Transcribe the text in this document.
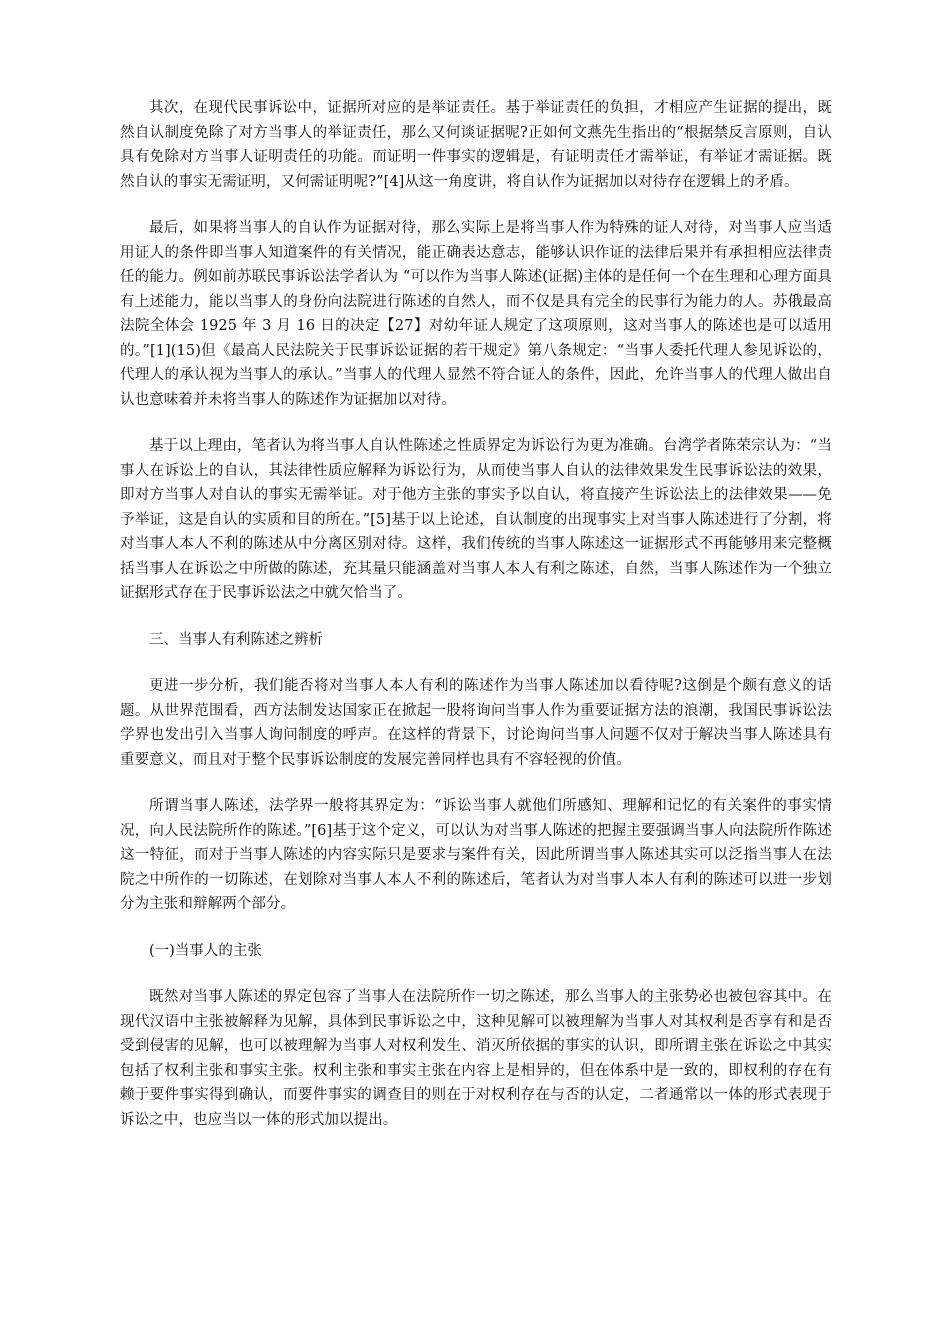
其次，在现代民事诉讼中，证据所对应的是举证责任。基于举证责任的负担，才相应产生证据的提出，既然自认制度免除了对方当事人的举证责任，那么又何谈证据呢?正如何文燕先生指出的“根据禁反言原则，自认具有免除对方当事人证明责任的功能。而证明一件事实的逻辑是，有证明责任才需举证，有举证才需证据。既然自认的事实无需证明，又何需证明呢?”[4]从这一角度讲，将自认作为证据加以对待存在逻辑上的矛盾。

最后，如果将当事人的自认作为证据对待，那么实际上是将当事人作为特殊的证人对待，对当事人应当适用证人的条件即当事人知道案件的有关情况，能正确表达意志，能够认识作证的法律后果并有承担相应法律责任的能力。例如前苏联民事诉讼法学者认为 “可以作为当事人陈述(证据)主体的是任何一个在生理和心理方面具有上述能力，能以当事人的身份向法院进行陈述的自然人，而不仅是具有完全的民事行为能力的人。苏俄最高法院全体会 1925 年 3 月 16 日的决定【27】对幼年证人规定了这项原则，这对当事人的陈述也是可以适用的。”[1](15)但《最高人民法院关于民事诉讼证据的若干规定》第八条规定：“当事人委托代理人参见诉讼的，代理人的承认视为当事人的承认。”当事人的代理人显然不符合证人的条件，因此，允许当事人的代理人做出自认也意味着并未将当事人的陈述作为证据加以对待。

基于以上理由，笔者认为将当事人自认性陈述之性质界定为诉讼行为更为准确。台湾学者陈荣宗认为：“当事人在诉讼上的自认，其法律性质应解释为诉讼行为，从而使当事人自认的法律效果发生民事诉讼法的效果，即对方当事人对自认的事实无需举证。对于他方主张的事实予以自认，将直接产生诉讼法上的法律效果——免予举证，这是自认的实质和目的所在。”[5]基于以上论述，自认制度的出现事实上对当事人陈述进行了分割，将对当事人本人不利的陈述从中分离区别对待。这样，我们传统的当事人陈述这一证据形式不再能够用来完整概括当事人在诉讼之中所做的陈述，充其量只能涵盖对当事人本人有利之陈述，自然，当事人陈述作为一个独立证据形式存在于民事诉讼法之中就欠恰当了。

三、当事人有利陈述之辨析

更进一步分析，我们能否将对当事人本人有利的陈述作为当事人陈述加以看待呢?这倒是个颇有意义的话题。从世界范围看，西方法制发达国家正在掀起一股将询问当事人作为重要证据方法的浪潮，我国民事诉讼法学界也发出引入当事人询问制度的呼声。在这样的背景下，讨论询问当事人问题不仅对于解决当事人陈述具有重要意义，而且对于整个民事诉讼制度的发展完善同样也具有不容轻视的价值。

所谓当事人陈述，法学界一般将其界定为：“诉讼当事人就他们所感知、理解和记忆的有关案件的事实情况，向人民法院所作的陈述。”[6]基于这个定义，可以认为对当事人陈述的把握主要强调当事人向法院所作陈述这一特征，而对于当事人陈述的内容实际只是要求与案件有关，因此所谓当事人陈述其实可以泛指当事人在法院之中所作的一切陈述，在划除对当事人本人不利的陈述后，笔者认为对当事人本人有利的陈述可以进一步划分为主张和辩解两个部分。

(一)当事人的主张

既然对当事人陈述的界定包容了当事人在法院所作一切之陈述，那么当事人的主张势必也被包容其中。在现代汉语中主张被解释为见解，具体到民事诉讼之中，这种见解可以被理解为当事人对其权利是否享有和是否受到侵害的见解，也可以被理解为当事人对权利发生、消灭所依据的事实的认识，即所谓主张在诉讼之中其实包括了权利主张和事实主张。权利主张和事实主张在内容上是相异的，但在体系中是一致的，即权利的存在有赖于要件事实得到确认，而要件事实的调查目的则在于对权利存在与否的认定，二者通常以一体的形式表现于诉讼之中，也应当以一体的形式加以提出。
